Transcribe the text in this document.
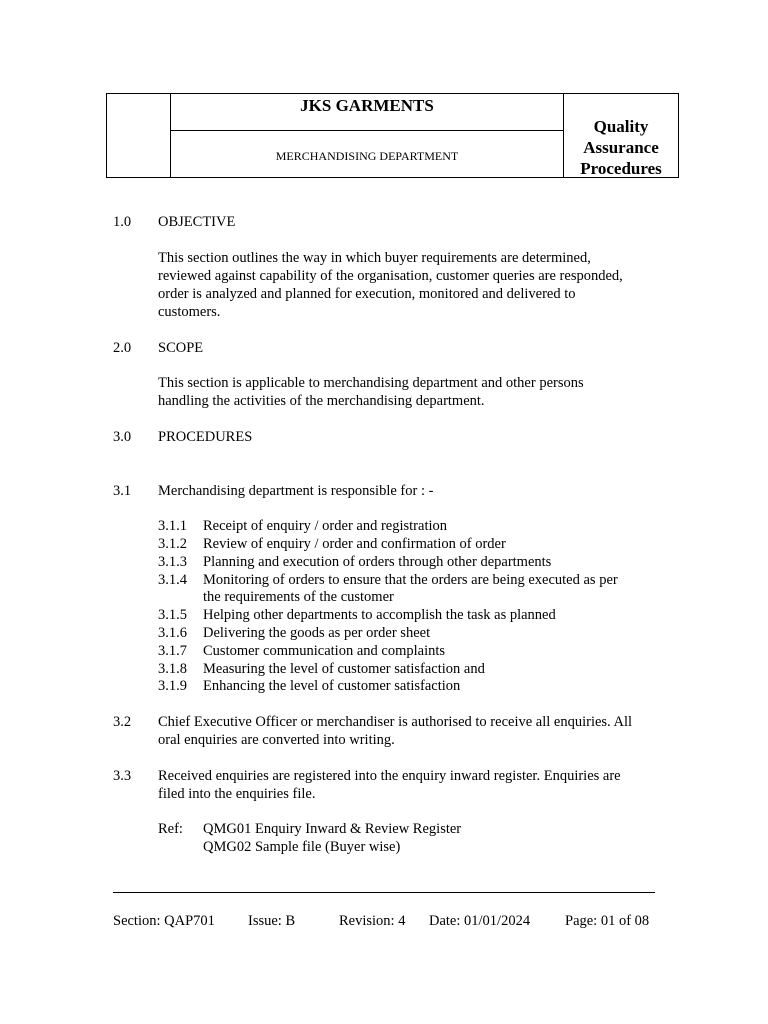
JKS GARMENTS
MERCHANDISING DEPARTMENT
Quality
Assurance
Procedures
1.0 OBJECTIVE
This section outlines the way in which buyer requirements are determined,
reviewed against capability of the organisation, customer queries are responded,
order is analyzed and planned for execution, monitored and delivered to
customers.
2.0 SCOPE
This section is applicable to merchandising department and other persons
handling the activities of the merchandising department.
3.0 PROCEDURES
3.1 Merchandising department is responsible for : -
3.1.1 Receipt of enquiry / order and registration
3.1.2 Review of enquiry / order and confirmation of order
3.1.3 Planning and execution of orders through other departments
3.1.4 Monitoring of orders to ensure that the orders are being executed as per
the requirements of the customer
3.1.5 Helping other departments to accomplish the task as planned
3.1.6 Delivering the goods as per order sheet
3.1.7 Customer communication and complaints
3.1.8 Measuring the level of customer satisfaction and
3.1.9 Enhancing the level of customer satisfaction
3.2 Chief Executive Officer or merchandiser is authorised to receive all enquiries. All
oral enquiries are converted into writing.
3.3 Received enquiries are registered into the enquiry inward register. Enquiries are
filed into the enquiries file.
Ref: QMG01 Enquiry Inward & Review Register
QMG02 Sample file (Buyer wise)
Section: QAP701 Issue: B	Revision: 4 Date: 01/01/2024 Page: 01 of 08
